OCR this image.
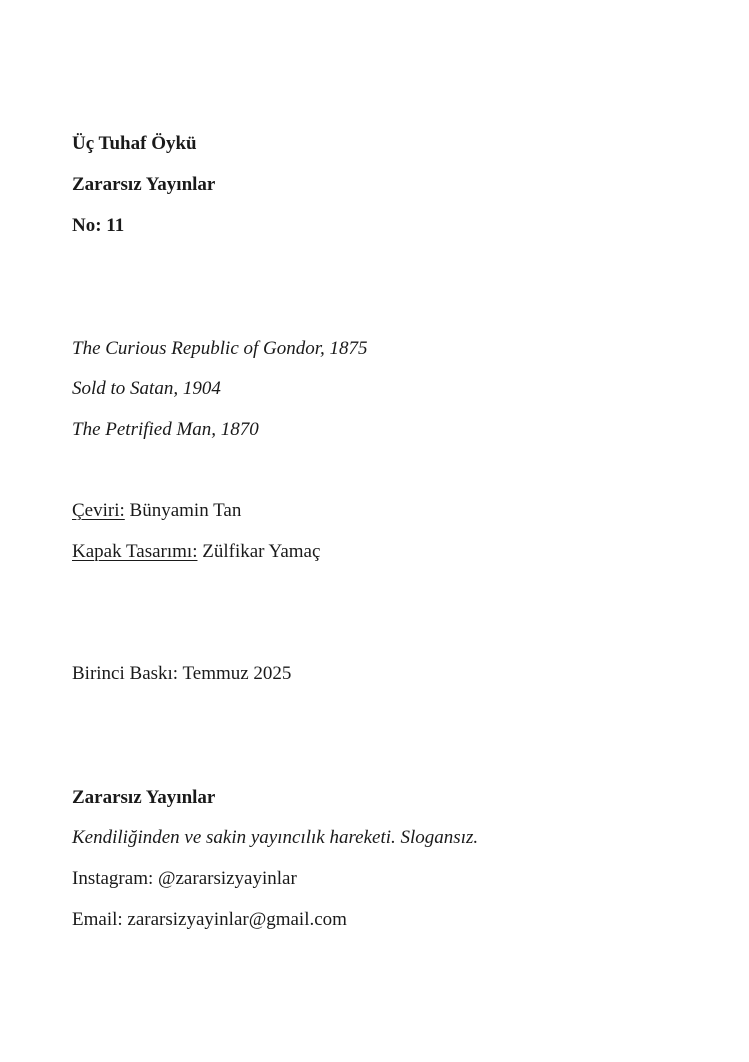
Üç Tuhaf Öykü
Zararsız Yayınlar
No: 11
The Curious Republic of Gondor, 1875
Sold to Satan, 1904
The Petrified Man, 1870
Çeviri: Bünyamin Tan
Kapak Tasarımı: Zülfikar Yamaç
Birinci Baskı: Temmuz 2025
Zararsız Yayınlar
Kendiliğinden ve sakin yayıncılık hareketi. Slogansız.
Instagram: @zararsizyayinlar
Email: zararsizyayinlar@gmail.com
